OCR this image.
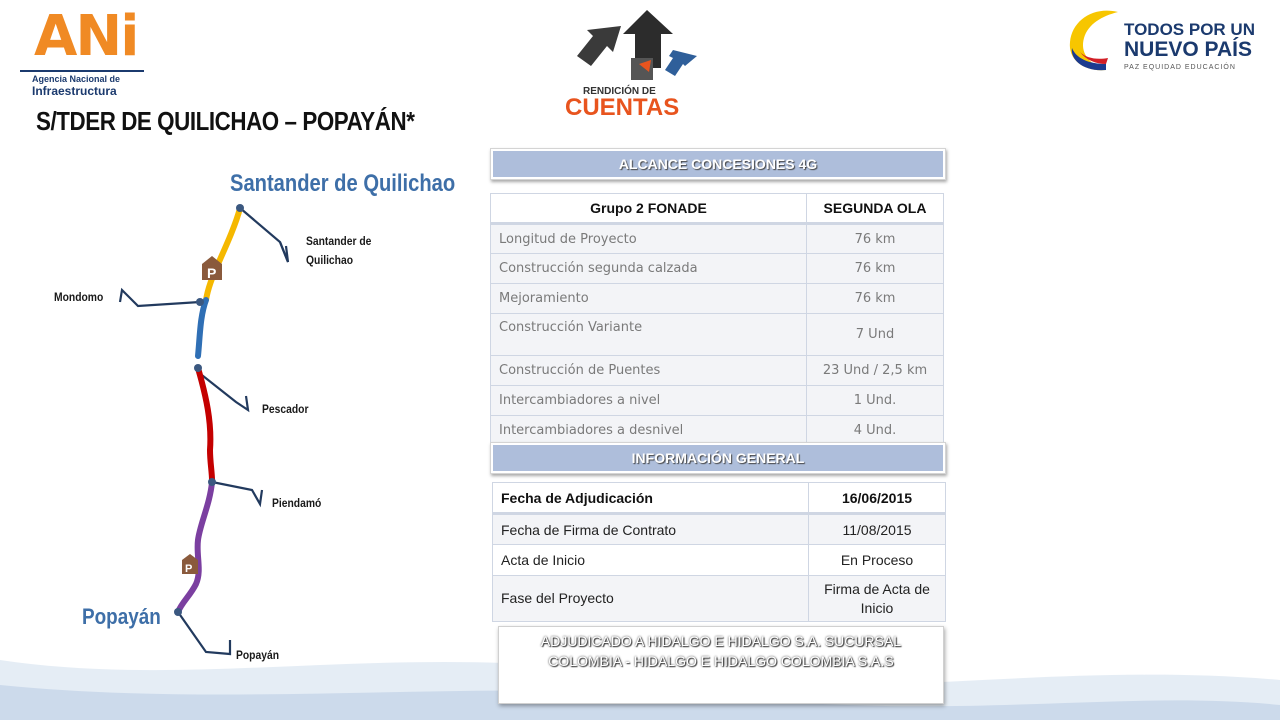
ANi
Agencia Nacional de
Infraestructura	RENDICIÓN DE
CUENTAS
TODOS POR UN
NUEVO PAÍS
PAZ EQUIDAD EDUCACIÓN
S/TDER DE QUILICHAO – POPAYÁN*
P
P
Santander de Quilichao
Popayán
Santander de
Quilichao
Mondomo
Pescador
Piendamó
Popayán
ALCANCE CONCESIONES 4G
Grupo 2 FONADE	SEGUNDA OLA
Longitud de Proyecto	76 km
Construcción segunda calzada	76 km
Mejoramiento	76 km
Construcción Variante	7 Und
Construcción de Puentes	23 Und / 2,5 km
Intercambiadores a nivel	1 Und.
Intercambiadores a desnivel	4 Und.
INFORMACIÓN GENERAL
Fecha de Adjudicación	16/06/2015
Fecha de Firma de Contrato	11/08/2015
Acta de Inicio	En Proceso
Fase del Proyecto	Firma de Acta de Inicio
ADJUDICADO A HIDALGO E HIDALGO S.A. SUCURSAL COLOMBIA - HIDALGO E HIDALGO COLOMBIA S.A.S
